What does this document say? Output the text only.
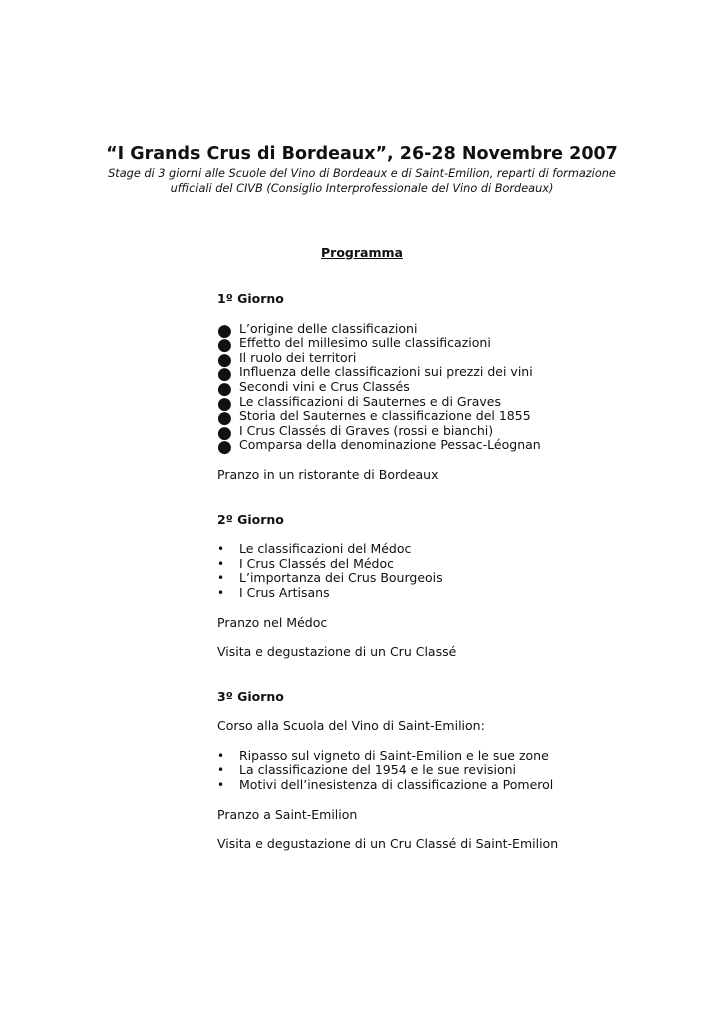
“I Grands Crus di Bordeaux”, 26-28 Novembre 2007

Stage di 3 giorni alle Scuole del Vino di Bordeaux e di Saint-Emilion, reparti di formazione ufficiali del CIVB (Consiglio Interprofessionale del Vino di Bordeaux)

Programma

1º Giorno

● L’origine delle classificazioni
● Effetto del millesimo sulle classificazioni
● Il ruolo dei territori
● Influenza delle classificazioni sui prezzi dei vini
● Secondi vini e Crus Classés
● Le classificazioni di Sauternes e di Graves
● Storia del Sauternes e classificazione del 1855
● I Crus Classés di Graves (rossi e bianchi)
● Comparsa della denominazione Pessac-Léognan

Pranzo in un ristorante di Bordeaux

2º Giorno

• Le classificazioni del Médoc
• I Crus Classés del Médoc
• L’importanza dei Crus Bourgeois
• I Crus Artisans

Pranzo nel Médoc

Visita e degustazione di un Cru Classé

3º Giorno

Corso alla Scuola del Vino di Saint-Emilion:

• Ripasso sul vigneto di Saint-Emilion e le sue zone
• La classificazione del 1954 e le sue revisioni
• Motivi dell’inesistenza di classificazione a Pomerol

Pranzo a Saint-Emilion

Visita e degustazione di un Cru Classé di Saint-Emilion
